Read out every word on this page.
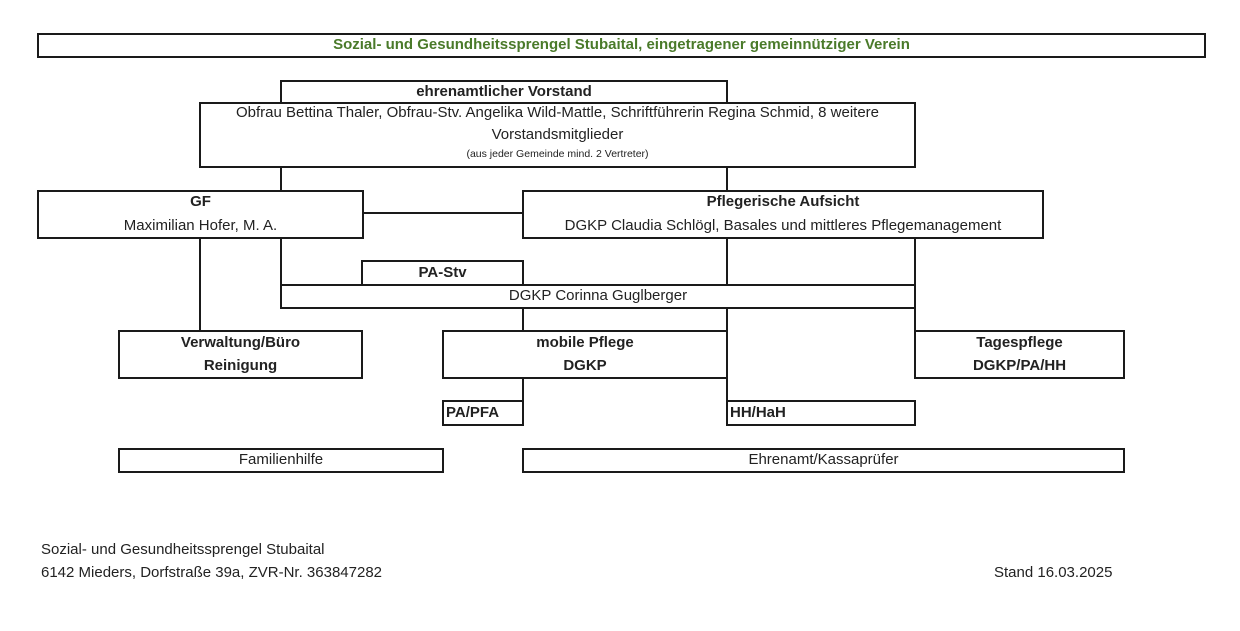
Sozial- und Gesundheitssprengel Stubaital, eingetragener gemeinnütziger Verein
ehrenamtlicher Vorstand
Obfrau Bettina Thaler, Obfrau-Stv. Angelika Wild-Mattle, Schriftführerin Regina Schmid, 8 weitere
Vorstandsmitglieder
(aus jeder Gemeinde mind. 2 Vertreter)
GF
Maximilian Hofer, M. A.
Pflegerische Aufsicht
DGKP Claudia Schlögl, Basales und mittleres Pflegemanagement
PA-Stv
DGKP Corinna Guglberger
Verwaltung/Büro
Reinigung
mobile Pflege
DGKP
Tagespflege
DGKP/PA/HH
PA/PFA	HH/HaH
Familienhilfe	Ehrenamt/Kassaprüfer
Sozial- und Gesundheitssprengel Stubaital
6142 Mieders, Dorfstraße 39a, ZVR-Nr. 363847282	Stand 16.03.2025
